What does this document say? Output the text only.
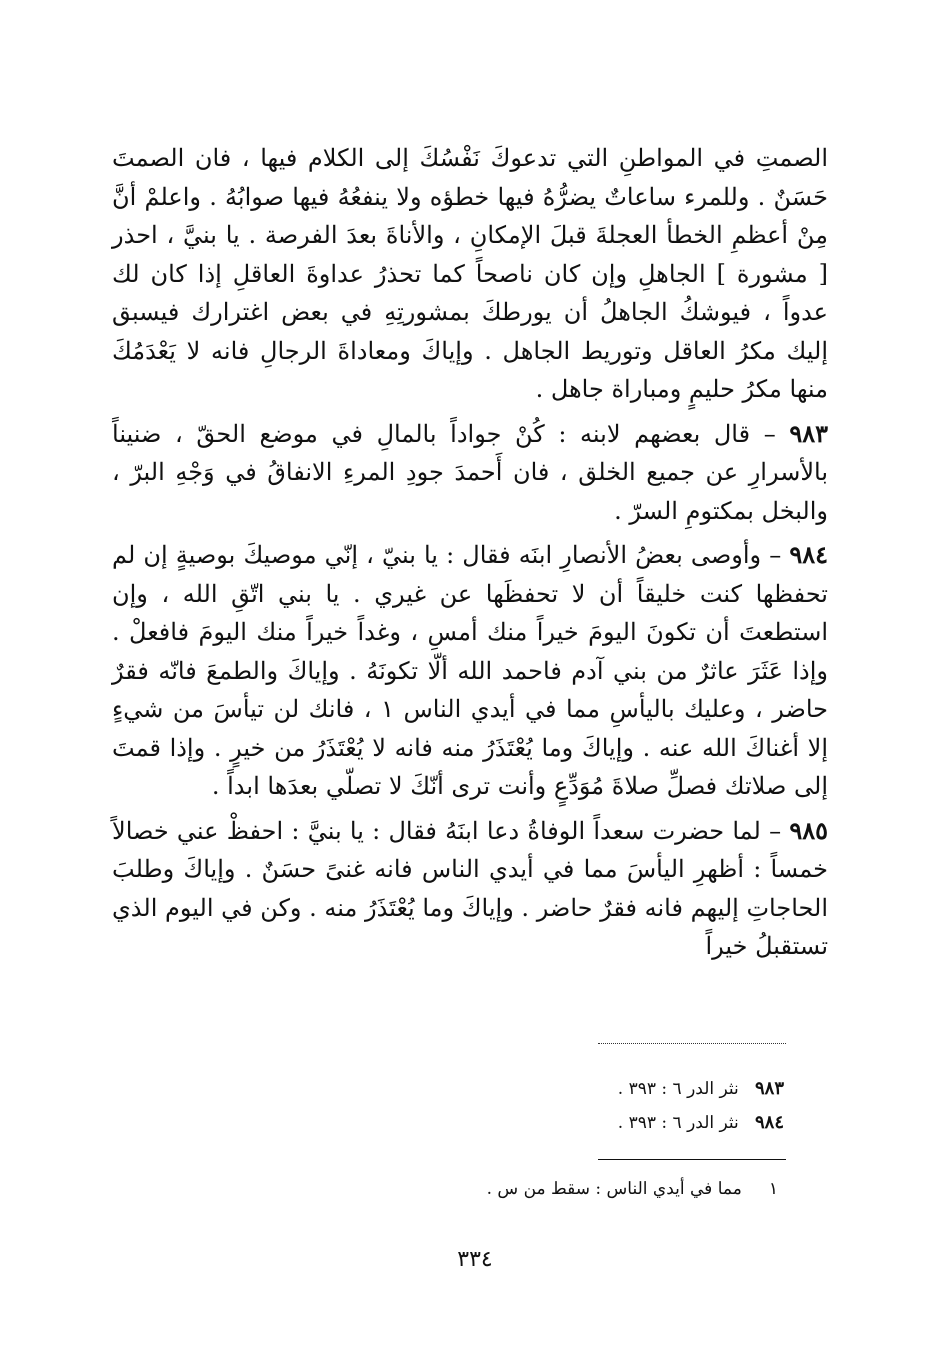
الصمتِ في المواطنِ التي تدعوكَ نَفْسُكَ إلى الكلام فيها ، فان الصمتَ حَسَنٌ . وللمرء ساعاتٌ يضرُّهُ فيها خطؤه ولا ينفعُهُ فيها صوابُهُ . واعلمْ أنَّ مِنْ أعظمِ الخطأ العجلةَ قبلَ الإمكانِ ، والأناةَ بعدَ الفرصة . يا بنيَّ ، احذر [ مشورة ] الجاهلِ وإن كان ناصحاً كما تحذرُ عداوةَ العاقلِ إذا كان لك عدواً ، فيوشكُ الجاهلُ أن يورطكَ بمشورتِهِ في بعض اغترارك فيسبق إليك مكرُ العاقل وتوريط الجاهل . وإياكَ ومعاداةَ الرجالِ فانه لا يَعْدَمُكَ منها مكرُ حليمٍ ومباراة جاهل .

٩٨٣ – قال بعضهم لابنه : كُنْ جواداً بالمالِ في موضع الحقّ ، ضنيناً بالأسرارِ عن جميع الخلق ، فان أَحمدَ جودِ المرءِ الانفاقُ في وَجْهِ البرّ ، والبخل بمكتومِ السرّ .

٩٨٤ – وأوصى بعضُ الأنصارِ ابنَه فقال : يا بنيّ ، إنّي موصيكَ بوصيةٍ إن لم تحفظها كنت خليقاً أن لا تحفظَها عن غيري . يا بني اتّقِ الله ، وإن استطعتَ أن تكونَ اليومَ خيراً منك أمسِ ، وغداً خيراً منك اليومَ فافعلْ . وإذا عَثَرَ عاثرٌ من بني آدم فاحمد الله ألّا تكونَهُ . وإياكَ والطمعَ فانّه فقرٌ حاضر ، وعليك باليأسِ مما في أيدي الناس ١ ، فانك لن تيأسَ من شيءٍ إلا أغناكَ الله عنه . وإياكَ وما يُعْتَذَرُ منه فانه لا يُعْتَذَرُ من خيرٍ . وإذا قمتَ إلى صلاتك فصلِّ صلاةَ مُوَدِّعٍ وأنت ترى أنّكَ لا تصلّي بعدَها ابداً .

٩٨٥ – لما حضرت سعداً الوفاةُ دعا ابنَهُ فقال : يا بنيَّ : احفظْ عني خصالاً خمساً : أظهرِ اليأسَ مما في أيدي الناس فانه غنىً حسَنٌ . وإياكَ وطلبَ الحاجاتِ إليهم فانه فقرٌ حاضر . وإياكَ وما يُعْتَذَرُ منه . وكن في اليوم الذي تستقبلُ خيراً

٩٨٣   نثر الدر ٦ : ٣٩٣ .
٩٨٤   نثر الدر ٦ : ٣٩٣ .
١     مما في أيدي الناس : سقط من س .
٣٣٤
